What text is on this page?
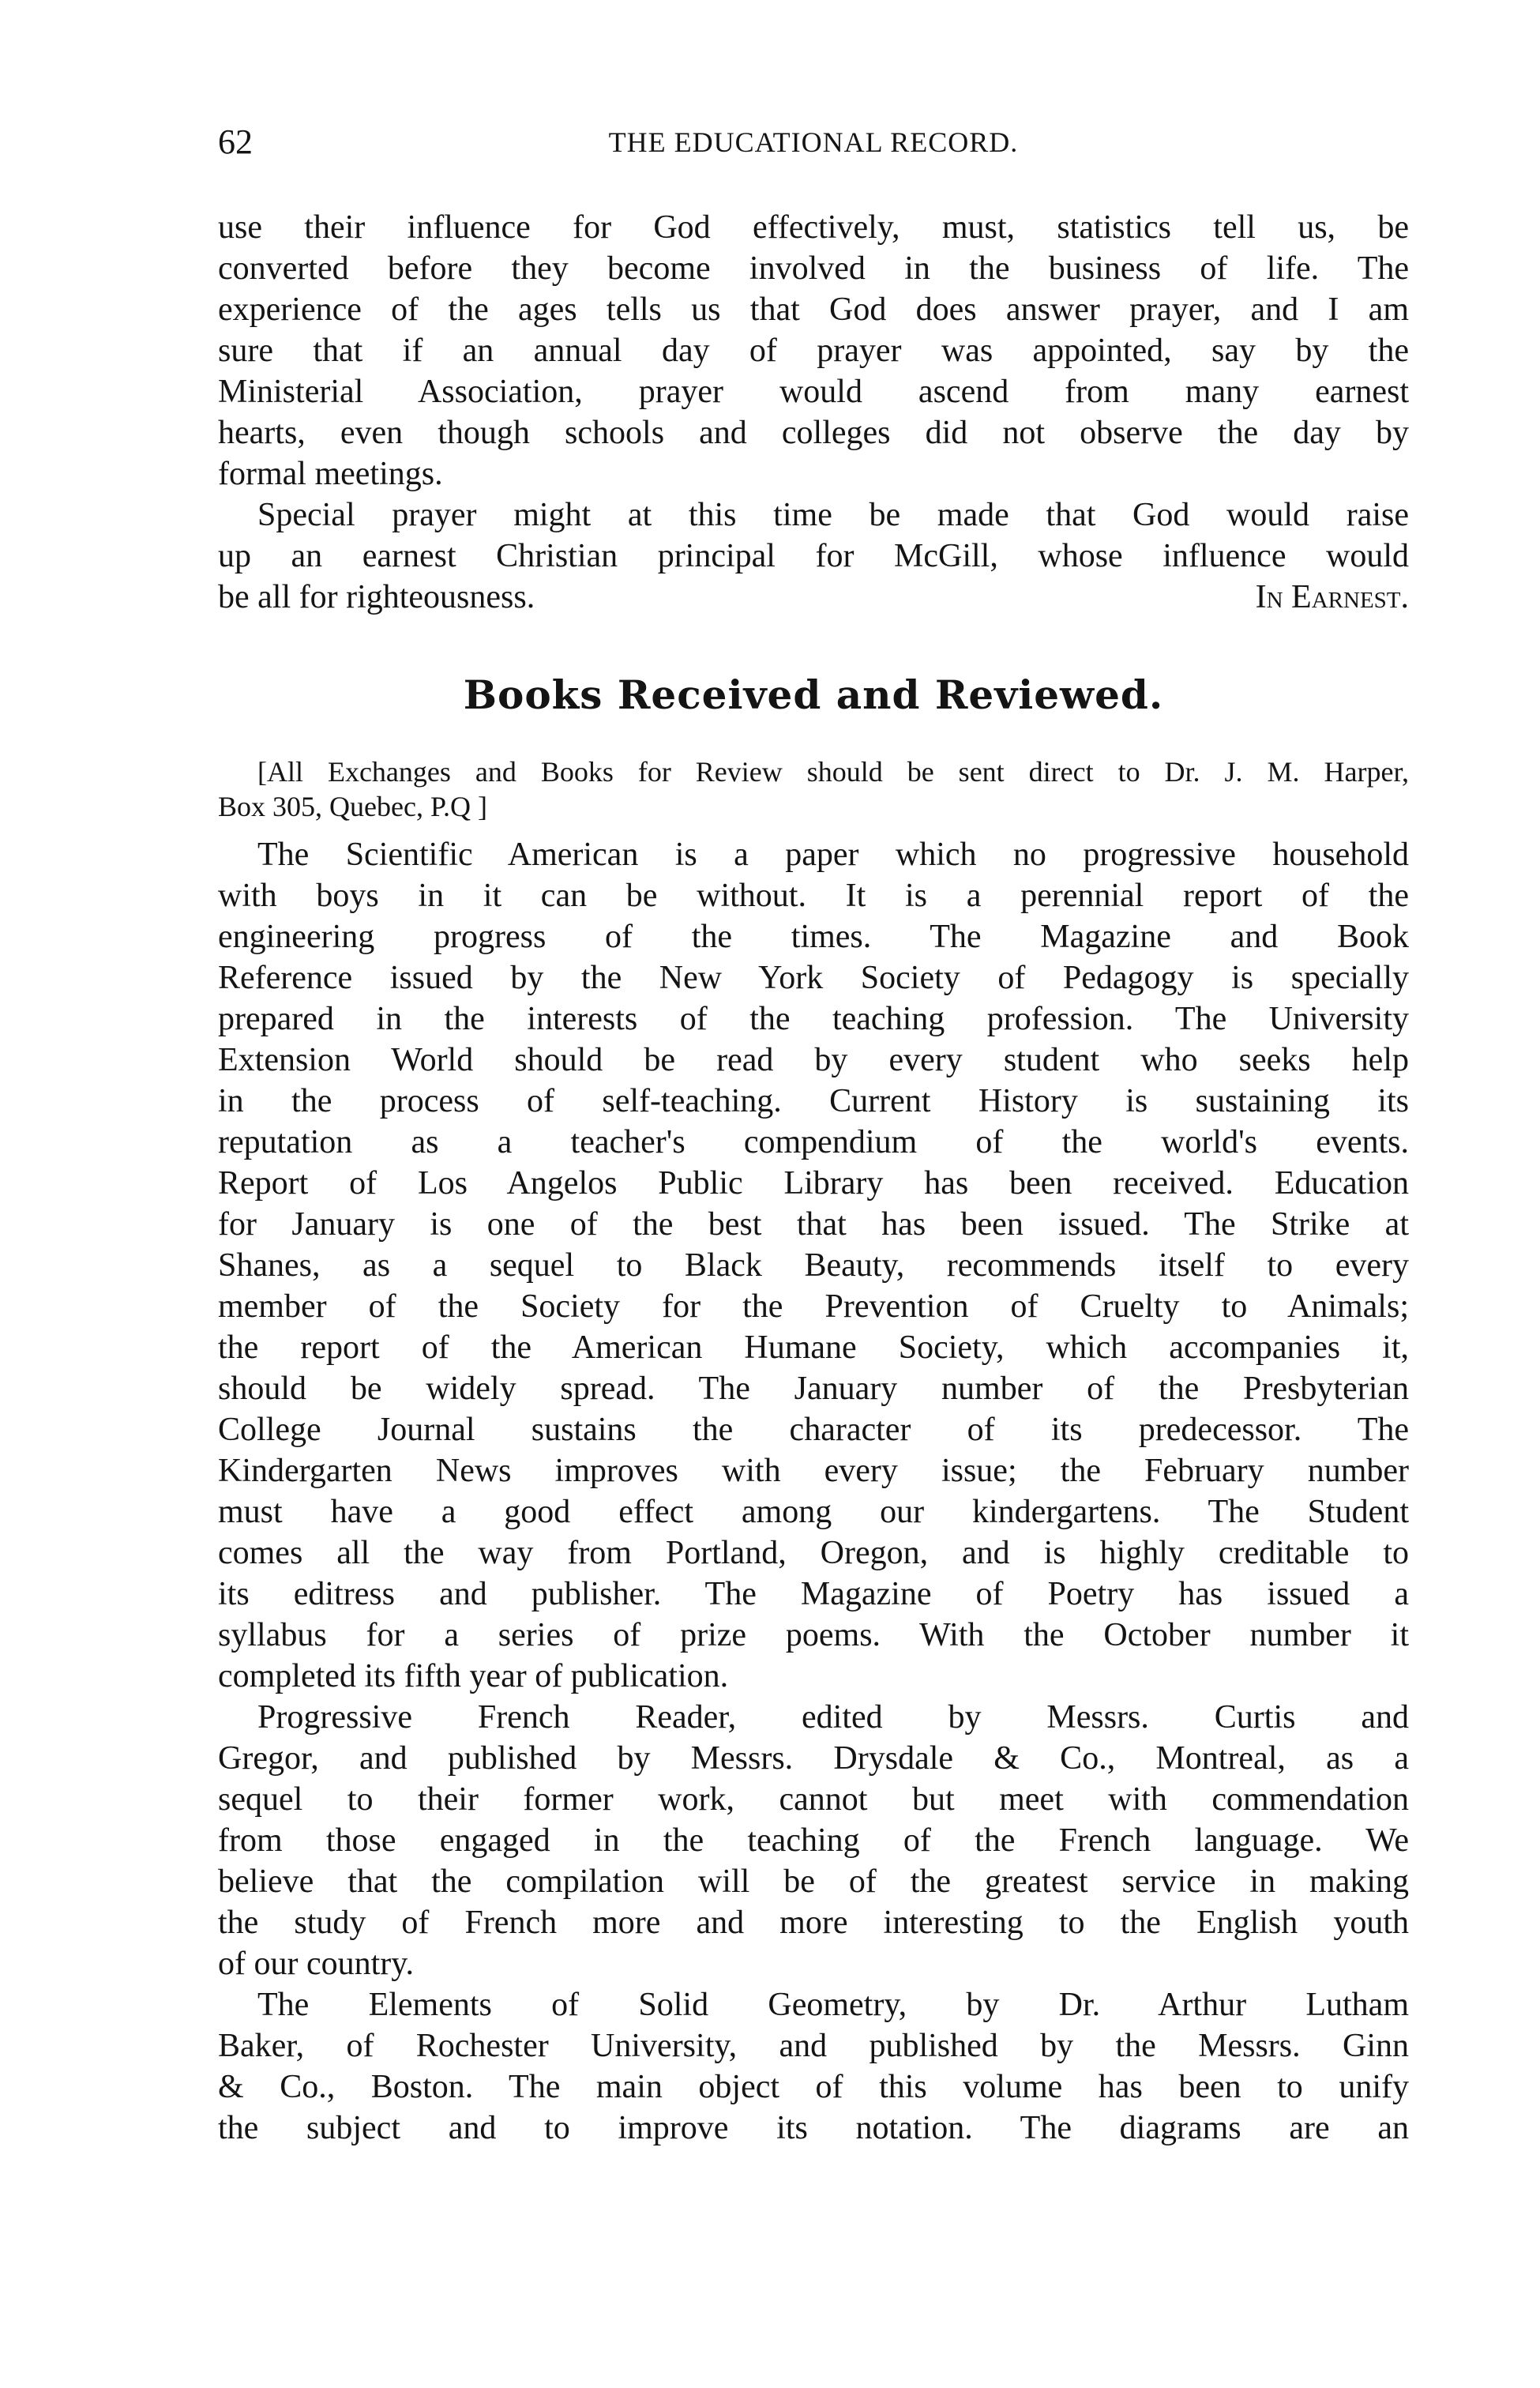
62	THE EDUCATIONAL RECORD.
use their influence for God effectively, must, statistics tell us, be
converted before they become involved in the business of life. The
experience of the ages tells us that God does answer prayer, and I am
sure that if an annual day of prayer was appointed, say by the
Ministerial Association, prayer would ascend from many earnest
hearts, even though schools and colleges did not observe the day by
formal meetings.
Special prayer might at this time be made that God would raise
up an earnest Christian principal for McGill, whose influence would
be all for righteousness.	In Earnest.
Books Received and Reviewed.
[All Exchanges and Books for Review should be sent direct to Dr. J. M. Harper,
Box 305, Quebec, P.Q ]
The Scientific American is a paper which no progressive household
with boys in it can be without. It is a perennial report of the
engineering progress of the times. The Magazine and Book
Reference issued by the New York Society of Pedagogy is specially
prepared in the interests of the teaching profession. The University
Extension World should be read by every student who seeks help
in the process of self-teaching. Current History is sustaining its
reputation as a teacher's compendium of the world's events.
Report of Los Angelos Public Library has been received. Education
for January is one of the best that has been issued. The Strike at
Shanes, as a sequel to Black Beauty, recommends itself to every
member of the Society for the Prevention of Cruelty to Animals;
the report of the American Humane Society, which accompanies it,
should be widely spread. The January number of the Presbyterian
College Journal sustains the character of its predecessor. The
Kindergarten News improves with every issue; the February number
must have a good effect among our kindergartens. The Student
comes all the way from Portland, Oregon, and is highly creditable to
its editress and publisher. The Magazine of Poetry has issued a
syllabus for a series of prize poems. With the October number it
completed its fifth year of publication.
Progressive French Reader, edited by Messrs. Curtis and
Gregor, and published by Messrs. Drysdale & Co., Montreal, as a
sequel to their former work, cannot but meet with commendation
from those engaged in the teaching of the French language. We
believe that the compilation will be of the greatest service in making
the study of French more and more interesting to the English youth
of our country.
The Elements of Solid Geometry, by Dr. Arthur Lutham
Baker, of Rochester University, and published by the Messrs. Ginn
& Co., Boston. The main object of this volume has been to unify
the subject and to improve its notation. The diagrams are an
